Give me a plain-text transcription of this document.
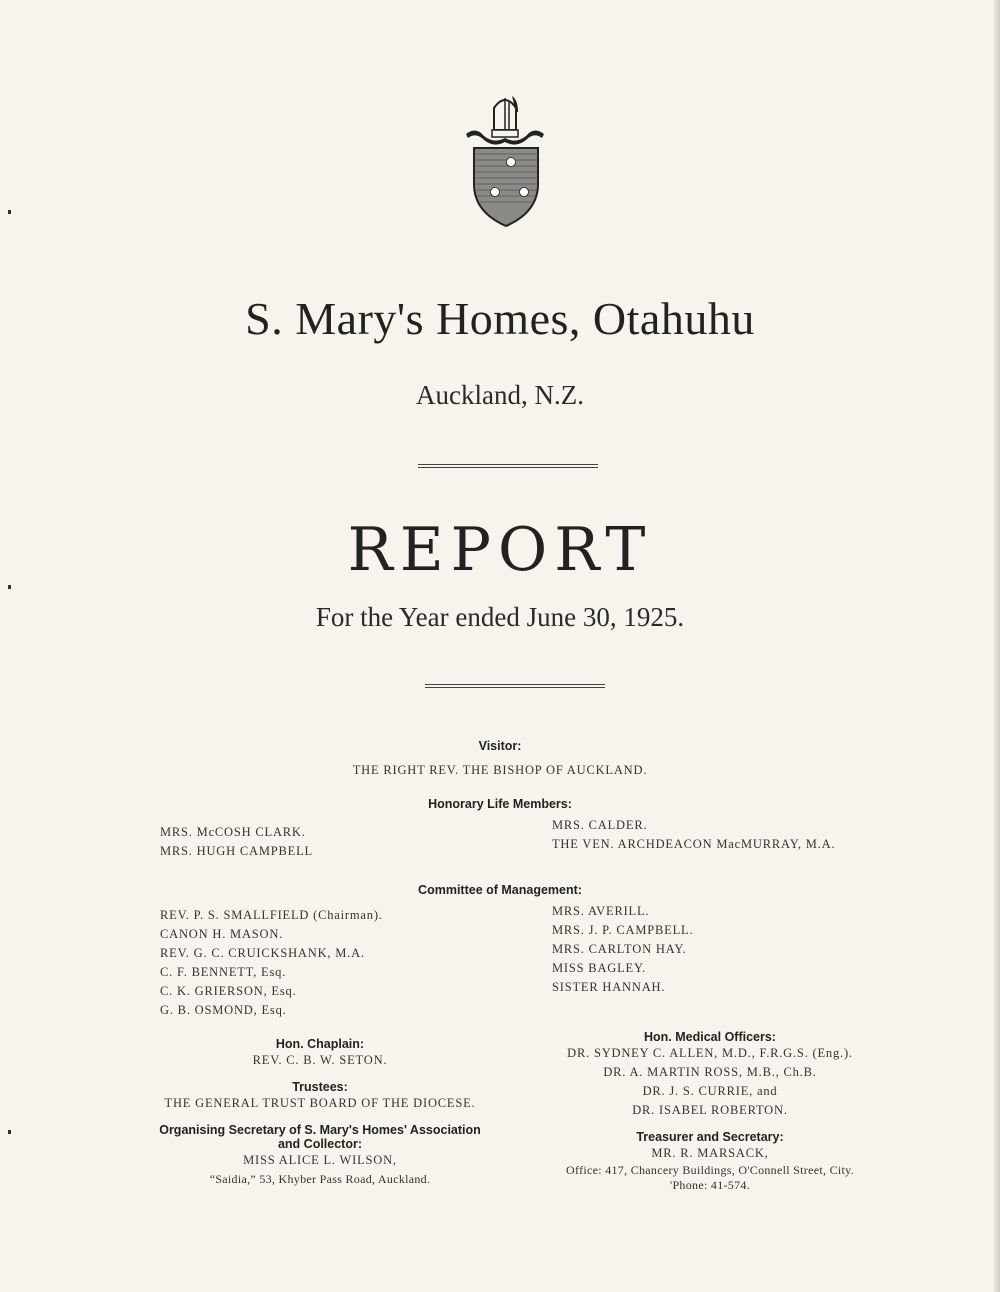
S. Mary's Homes, Otahuhu
Auckland, N.Z.
REPORT
For the Year ended June 30, 1925.
Visitor:
THE RIGHT REV. THE BISHOP OF AUCKLAND.
Honorary Life Members:
MRS. McCOSH CLARK.
MRS. HUGH CAMPBELL
MRS. CALDER.
THE VEN. ARCHDEACON MacMURRAY, M.A.
Committee of Management:
REV. P. S. SMALLFIELD (Chairman).
CANON H. MASON.
REV. G. C. CRUICKSHANK, M.A.
C. F. BENNETT, Esq.
C. K. GRIERSON, Esq.
G. B. OSMOND, Esq.
MRS. AVERILL.
MRS. J. P. CAMPBELL.
MRS. CARLTON HAY.
MISS BAGLEY.
SISTER HANNAH.
Hon. Chaplain:
REV. C. B. W. SETON.
Trustees:
THE GENERAL TRUST BOARD OF THE DIOCESE.
Organising Secretary of S. Mary's Homes' Association
and Collector:
MISS ALICE L. WILSON,
“Saidia,” 53, Khyber Pass Road, Auckland.
Hon. Medical Officers:
DR. SYDNEY C. ALLEN, M.D., F.R.G.S. (Eng.).
DR. A. MARTIN ROSS, M.B., Ch.B.
DR. J. S. CURRIE, and
DR. ISABEL ROBERTON.
Treasurer and Secretary:
MR. R. MARSACK,
Office: 417, Chancery Buildings, O'Connell Street, City.
'Phone: 41-574.
